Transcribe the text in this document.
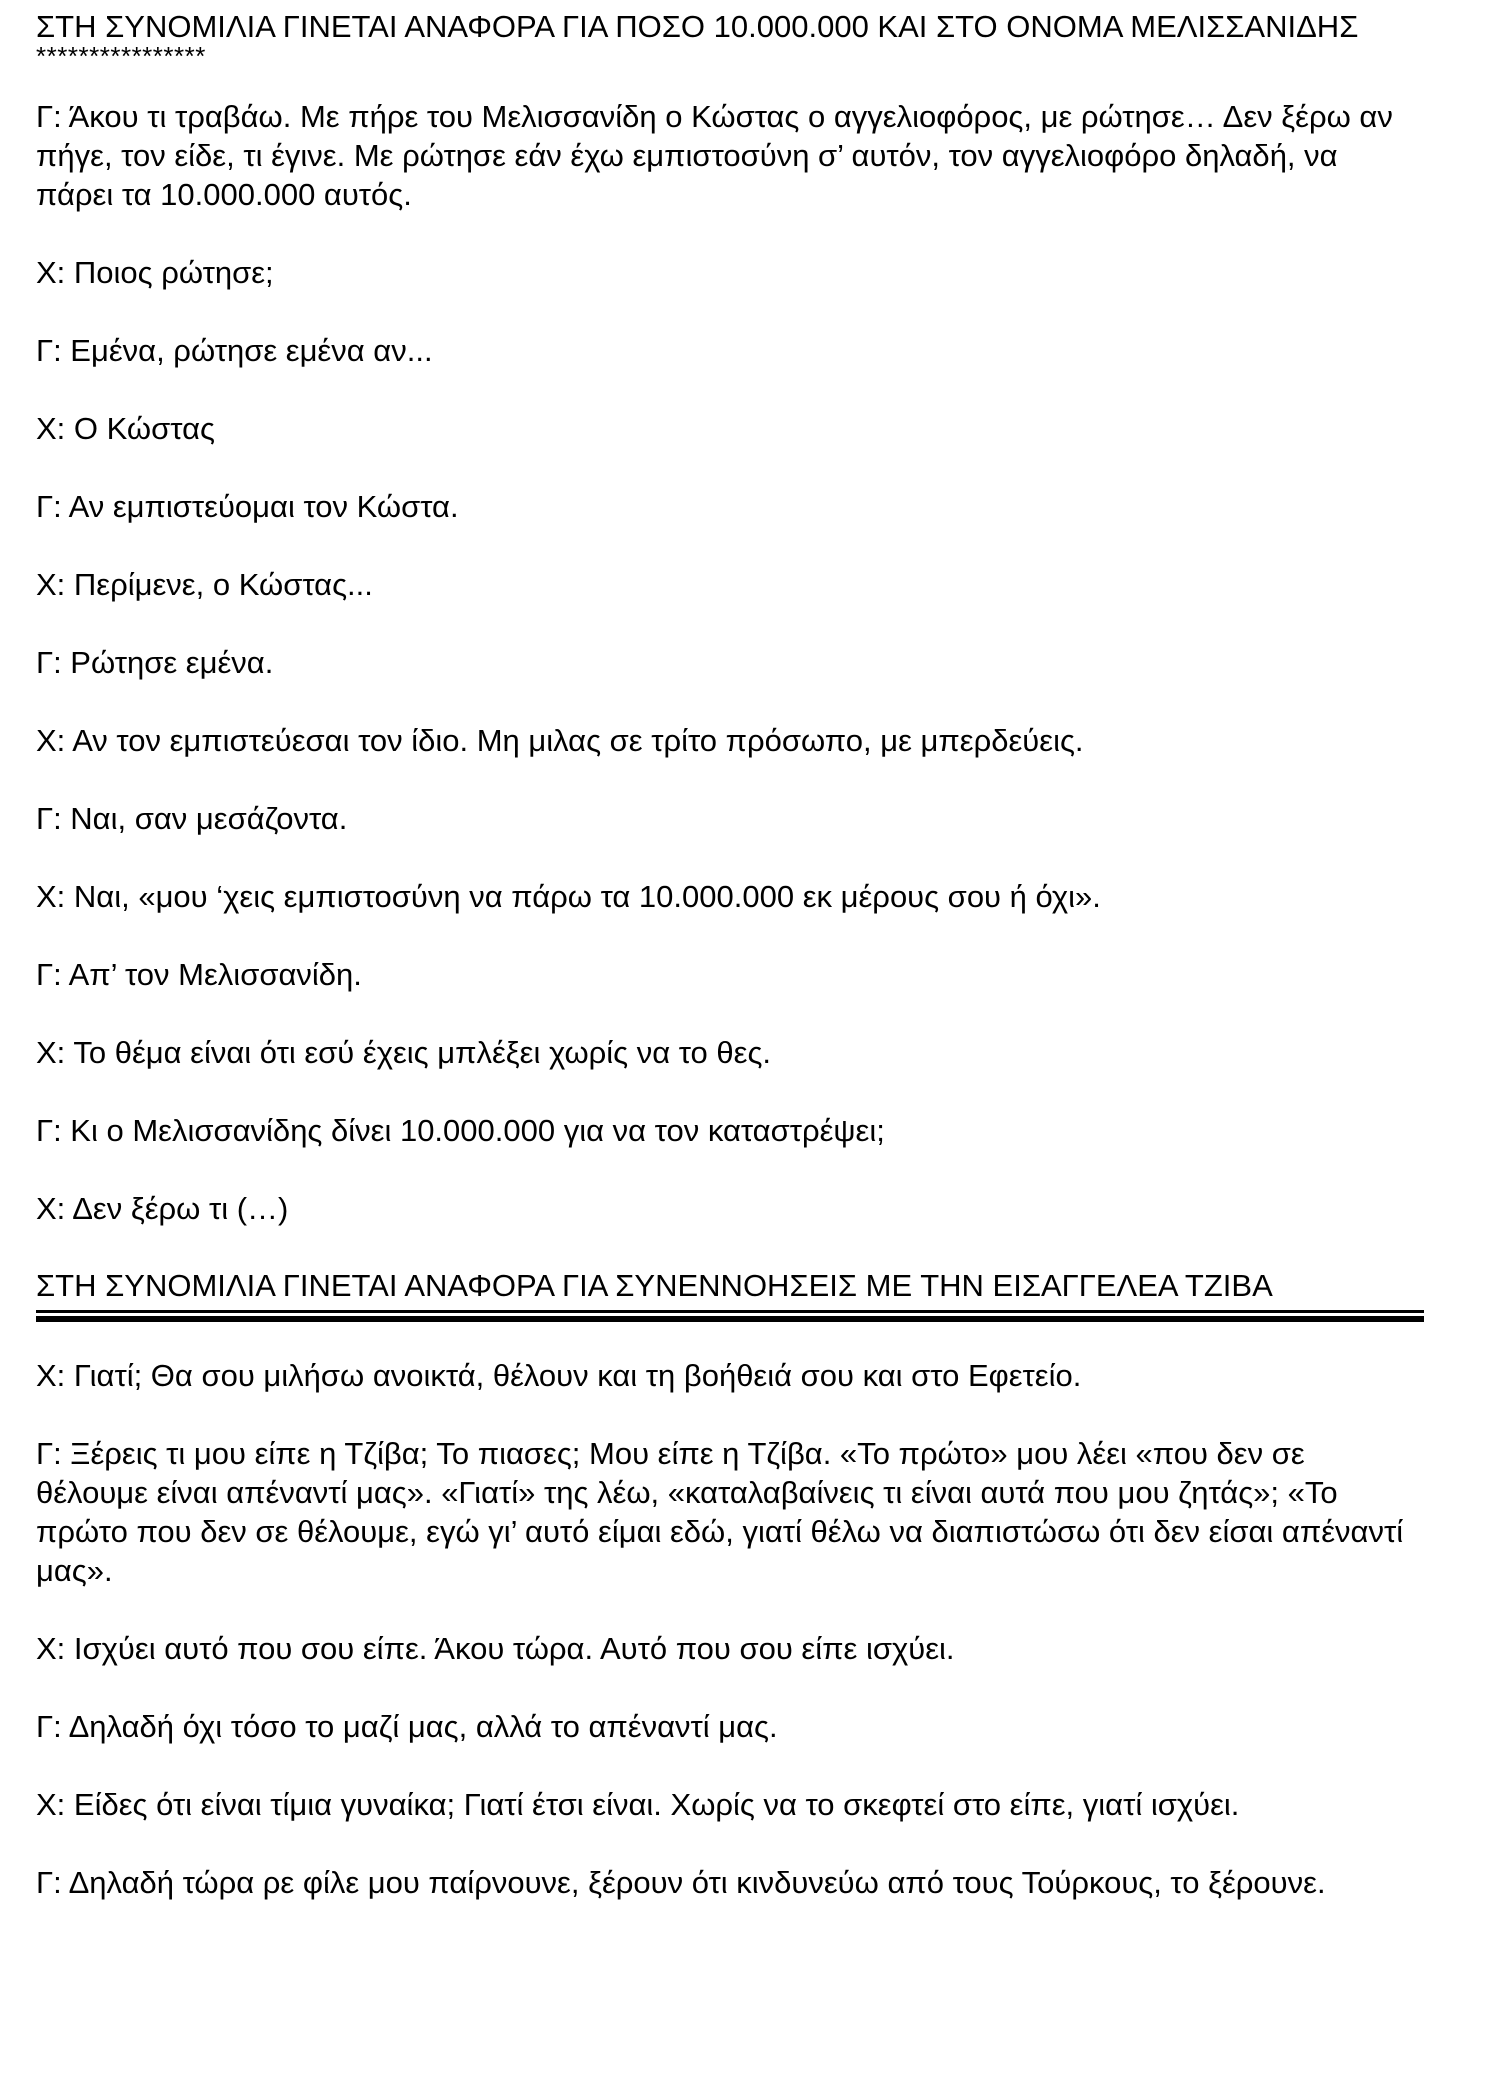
ΣΤΗ ΣΥΝΟΜΙΛΙΑ ΓΙΝΕΤΑΙ ΑΝΑΦΟΡΑ ΓΙΑ ΠΟΣΟ 10.000.000 ΚΑΙ ΣΤΟ ΟΝΟΜΑ ΜΕΛΙΣΣΑΝΙΔΗΣ

****************

Γ: Άκου τι τραβάω. Με πήρε του Μελισσανίδη ο Κώστας ο αγγελιοφόρος, με ρώτησε… Δεν ξέρω αν πήγε, τον είδε, τι έγινε. Με ρώτησε εάν έχω εμπιστοσύνη σ’ αυτόν, τον αγγελιοφόρο δηλαδή, να πάρει τα 10.000.000 αυτός.

Χ: Ποιος ρώτησε;

Γ: Εμένα, ρώτησε εμένα αν...

Χ: Ο Κώστας

Γ: Αν εμπιστεύομαι τον Κώστα.

Χ: Περίμενε, ο Κώστας...

Γ: Ρώτησε εμένα.

Χ: Αν τον εμπιστεύεσαι τον ίδιο. Μη μιλας σε τρίτο πρόσωπο, με μπερδεύεις.

Γ: Ναι, σαν μεσάζοντα.

Χ: Ναι, «μου ‘χεις εμπιστοσύνη να πάρω τα 10.000.000 εκ μέρους σου ή όχι».

Γ: Απ’ τον Μελισσανίδη.

Χ: Το θέμα είναι ότι εσύ έχεις μπλέξει χωρίς να το θες.

Γ: Κι ο Μελισσανίδης δίνει 10.000.000 για να τον καταστρέψει;

Χ: Δεν ξέρω τι (…)

ΣΤΗ ΣΥΝΟΜΙΛΙΑ ΓΙΝΕΤΑΙ ΑΝΑΦΟΡΑ ΓΙΑ ΣΥΝΕΝΝΟΗΣΕΙΣ ΜΕ ΤΗΝ ΕΙΣΑΓΓΕΛΕΑ ΤΖΙΒΑ

Χ: Γιατί; Θα σου μιλήσω ανοικτά, θέλουν και τη βοήθειά σου και στο Εφετείο.

Γ: Ξέρεις τι μου είπε η Τζίβα; Το πιασες; Μου είπε η Τζίβα. «Το πρώτο» μου λέει «που δεν σε θέλουμε είναι απέναντί μας». «Γιατί» της λέω, «καταλαβαίνεις τι είναι αυτά που μου ζητάς»; «Το πρώτο που δεν σε θέλουμε, εγώ γι’ αυτό είμαι εδώ, γιατί θέλω να διαπιστώσω ότι δεν είσαι απέναντί μας».

Χ: Ισχύει αυτό που σου είπε. Άκου τώρα. Αυτό που σου είπε ισχύει.

Γ: Δηλαδή όχι τόσο το μαζί μας, αλλά το απέναντί μας.

Χ: Είδες ότι είναι τίμια γυναίκα; Γιατί έτσι είναι. Χωρίς να το σκεφτεί στο είπε, γιατί ισχύει.

Γ: Δηλαδή τώρα ρε φίλε μου παίρνουνε, ξέρουν ότι κινδυνεύω από τους Τούρκους, το ξέρουνε.
